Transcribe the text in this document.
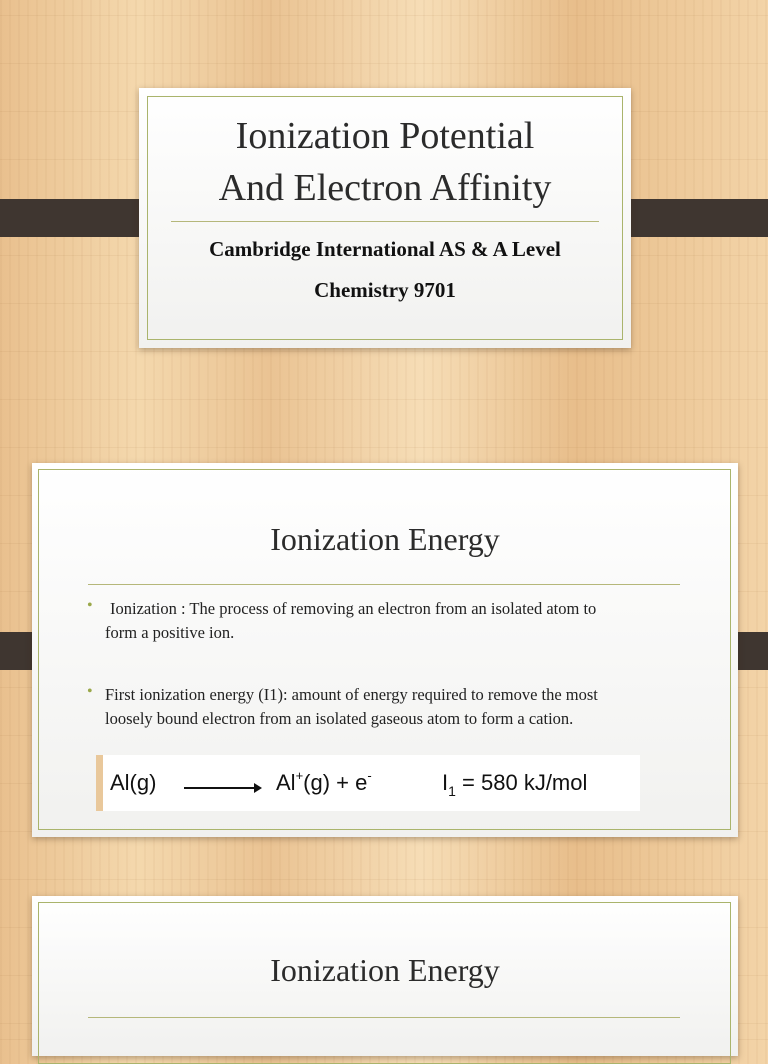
Ionization Potential
And Electron Affinity
Cambridge International AS & A Level
Chemistry 9701
Ionization Energy
• Ionization : The process of removing an electron from an isolated atom to
form a positive ion.
• First ionization energy (I1): amount of energy required to remove the most
loosely bound electron from an isolated gaseous atom to form a cation.
Al(g)	Al+(g) + e-	$I_1 = 580$ kJ/mol
Ionization Energy
